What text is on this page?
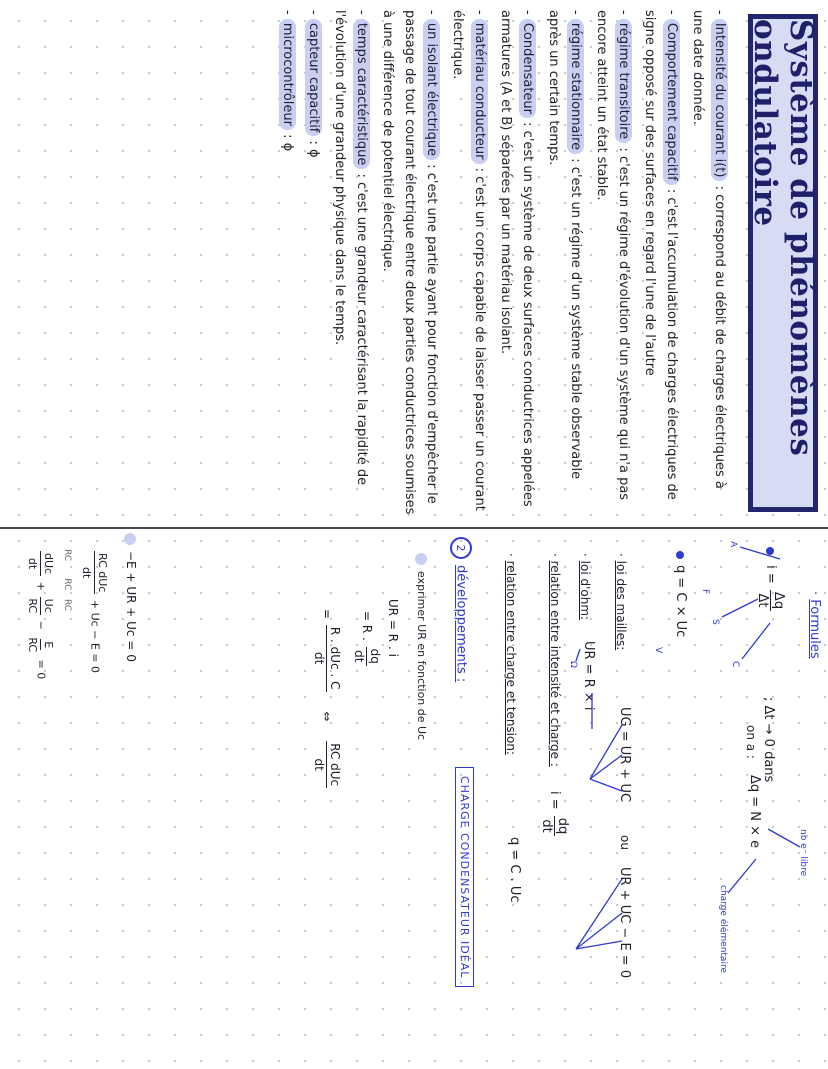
Système de phénomènes ondulatoire
- Intensité du courant i(t) : correspond au débit de charges électriques à une date donnée.
- Comportement capacitif : c'est l'accumulation de charges électriques de signe opposé sur des surfaces en regard l'une de l'autre
- régime transitoire : c'est un régime d'évolution d'un système qui n'a pas encore atteint un état stable.
- régime stationnaire : c'est un régime d'un système stable observable après un certain temps.
- Condensateur : c'est un système de deux surfaces conductrices appelées armatures (A et B) séparées par un matériau isolant.
- matériau conducteur : c'est un corps capable de laisser passer un courant électrique.
- un isolant électrique : c'est une partie ayant pour fonction d'empêcher le passage de tout courant électrique entre deux parties conductrices soumises à une différence de potentiel électrique.
- temps caractéristique : c'est une grandeur caractérisant la rapidité de l'évolution d'une grandeur physique dans le temps.
- capteur capacitif : ɸ
- microcontrôleur : ɸ
· Formules
i =
Δq
Δt
; Δt → 0 dans
on a :
Δq = N × e
nb e⁻ libre
charge élémentaire
A
C
S
q = C × Uc F
V
· loi des mailles:
UG = UR + UC
ou
UR + UC − E = 0
· loi d'ohm:
UR = R × i
Ω
· relation entre intensité et charge :
i =
dq
dt
· relation entre charge et tension:
q = C . Uc
2développements :
CHARGE CONDENSATEUR IDÉAL
exprimer UR en fonction de Uc
UR = R . i
= R .
dq
dt
=
R . dUc . C
dt
⇔
RC dUc
dt
−E + UR + Uc = 0
RC dUc
dt
+ Uc − E = 0
RC      RC   RC
dUc
dt
+
Uc
RC
−
E
RC
= 0
